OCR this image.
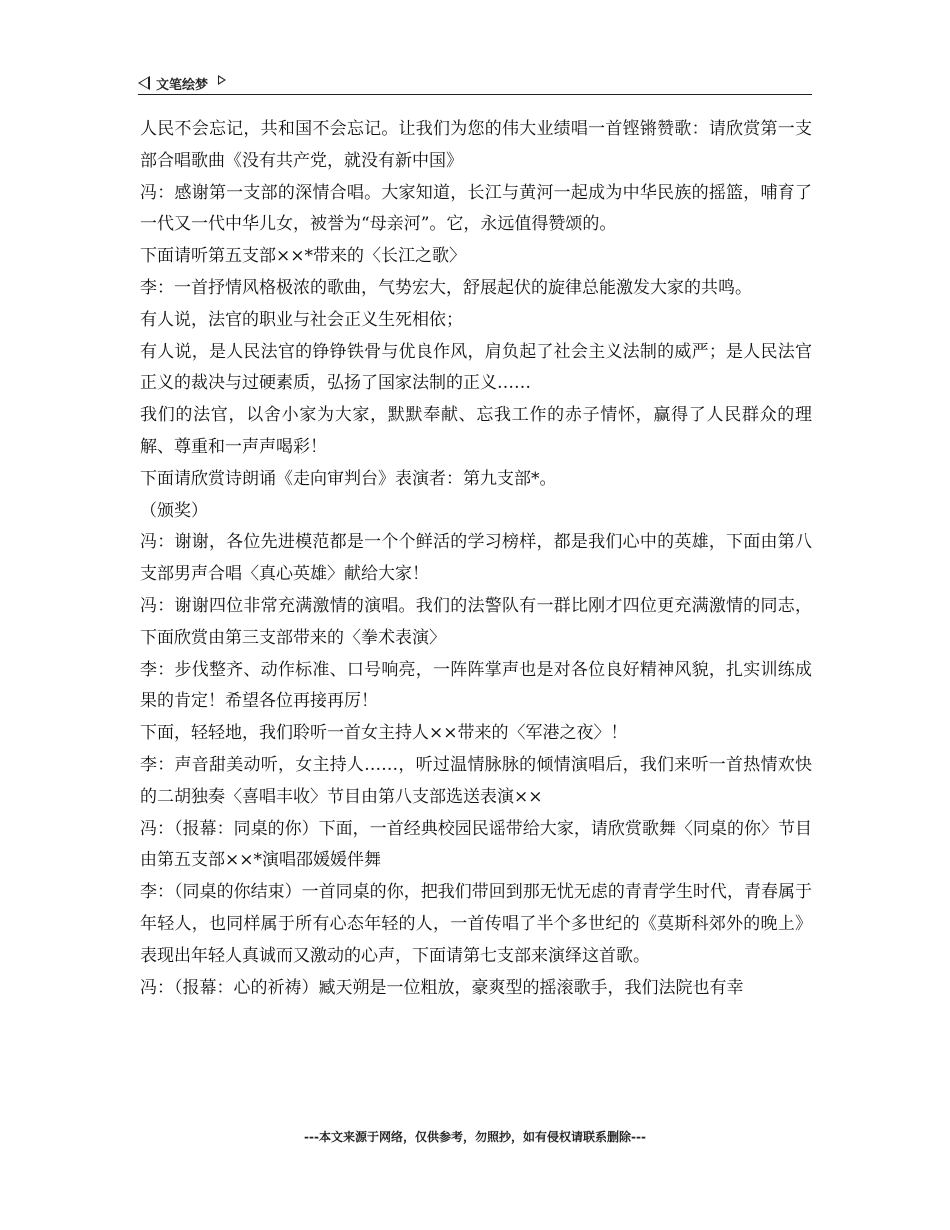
文笔绘梦

人民不会忘记，共和国不会忘记。让我们为您的伟大业绩唱一首铿锵赞歌：请欣赏第一支部合唱歌曲《没有共产党，就没有新中国》

冯：感谢第一支部的深情合唱。大家知道，长江与黄河一起成为中华民族的摇篮，哺育了一代又一代中华儿女，被誉为“母亲河”。它，永远值得赞颂的。

下面请听第五支部××*带来的〈长江之歌〉

李：一首抒情风格极浓的歌曲，气势宏大，舒展起伏的旋律总能激发大家的共鸣。

有人说，法官的职业与社会正义生死相依；

有人说，是人民法官的铮铮铁骨与优良作风，肩负起了社会主义法制的威严；是人民法官正义的裁决与过硬素质，弘扬了国家法制的正义……

我们的法官，以舍小家为大家，默默奉献、忘我工作的赤子情怀，赢得了人民群众的理解、尊重和一声声喝彩！

下面请欣赏诗朗诵《走向审判台》表演者：第九支部*。

（颁奖）

冯：谢谢，各位先进模范都是一个个鲜活的学习榜样，都是我们心中的英雄，下面由第八支部男声合唱〈真心英雄〉献给大家！

冯：谢谢四位非常充满激情的演唱。我们的法警队有一群比刚才四位更充满激情的同志，下面欣赏由第三支部带来的〈拳术表演〉

李：步伐整齐、动作标准、口号响亮，一阵阵掌声也是对各位良好精神风貌，扎实训练成果的肯定！希望各位再接再厉！

下面，轻轻地，我们聆听一首女主持人××带来的〈军港之夜〉！

李：声音甜美动听，女主持人……，听过温情脉脉的倾情演唱后，我们来听一首热情欢快的二胡独奏〈喜唱丰收〉节目由第八支部选送表演××

冯：（报幕：同桌的你）下面，一首经典校园民谣带给大家，请欣赏歌舞〈同桌的你〉节目由第五支部××*演唱邵媛媛伴舞

李：（同桌的你结束）一首同桌的你，把我们带回到那无忧无虑的青青学生时代，青春属于年轻人，也同样属于所有心态年轻的人，一首传唱了半个多世纪的《莫斯科郊外的晚上》表现出年轻人真诚而又激动的心声，下面请第七支部来演绎这首歌。

冯：（报幕：心的祈祷）臧天朔是一位粗放，豪爽型的摇滚歌手，我们法院也有幸

---本文来源于网络，仅供参考，勿照抄，如有侵权请联系删除---
